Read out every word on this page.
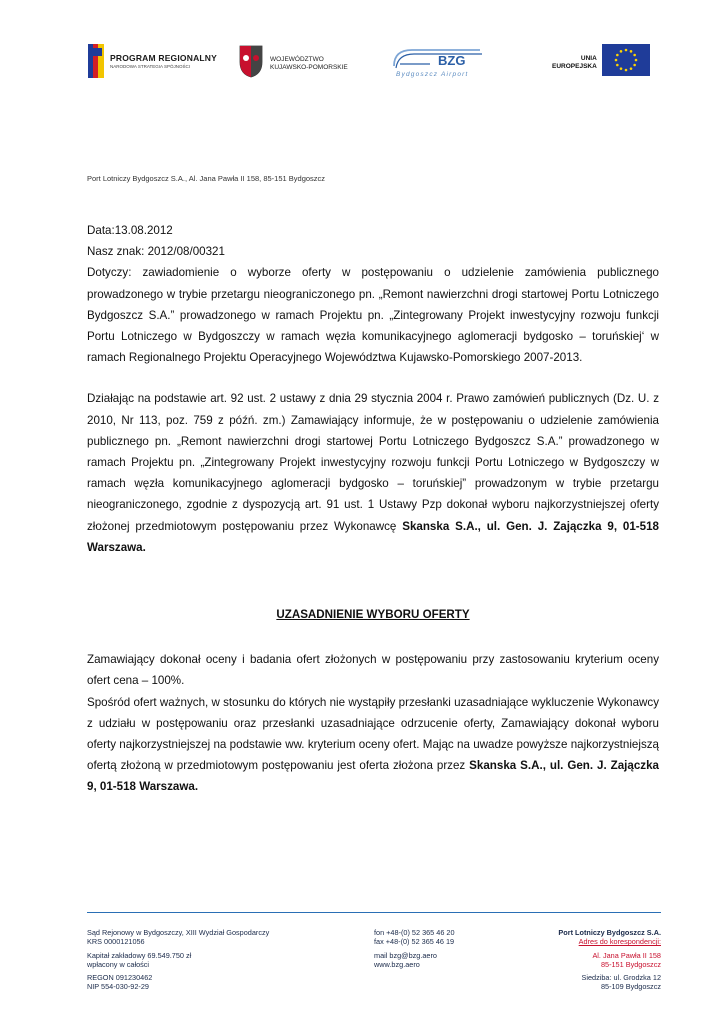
PROGRAM REGIONALNY
NARODOWA STRATEGIA SPÓJNOŚCI
WOJEWÓDZTWO
KUJAWSKO-POMORSKIE	BZG
Bydgoszcz Airport
UNIA
EUROPEJSKA
Port Lotniczy Bydgoszcz S.A., Al. Jana Pawła II 158, 85-151 Bydgoszcz

Data:13.08.2012

Nasz znak: 2012/08/00321

Dotyczy: zawiadomienie o wyborze oferty w postępowaniu o udzielenie zamówienia publicznego prowadzonego w trybie przetargu nieograniczonego pn. „Remont nawierzchni drogi startowej Portu Lotniczego Bydgoszcz S.A.” prowadzonego w ramach Projektu pn. „Zintegrowany Projekt inwestycyjny rozwoju funkcji Portu Lotniczego w Bydgoszczy w ramach węzła komunikacyjnego aglomeracji bydgosko – toruńskiej‘ w ramach Regionalnego Projektu Operacyjnego Województwa Kujawsko-Pomorskiego 2007-2013.

Działając na podstawie art. 92 ust. 2 ustawy z dnia 29 stycznia 2004 r. Prawo zamówień publicznych (Dz. U. z 2010, Nr 113, poz. 759 z późń. zm.) Zamawiający informuje, że w postępowaniu o udzielenie zamówienia publicznego pn. „Remont nawierzchni drogi startowej Portu Lotniczego Bydgoszcz S.A.” prowadzonego w ramach Projektu pn. „Zintegrowany Projekt inwestycyjny rozwoju funkcji Portu Lotniczego w Bydgoszczy w ramach węzła komunikacyjnego aglomeracji bydgosko – toruńskiej” prowadzonym w trybie przetargu nieograniczonego, zgodnie z dyspozycją art. 91 ust. 1 Ustawy Pzp dokonał wyboru najkorzystniejszej oferty złożonej przedmiotowym postępowaniu przez Wykonawcę Skanska S.A., ul. Gen. J. Zajączka 9, 01-518 Warszawa.

UZASADNIENIE WYBORU OFERTY

Zamawiający dokonał oceny i badania ofert złożonych w postępowaniu przy zastosowaniu kryterium oceny ofert cena – 100%.

Spośród ofert ważnych, w stosunku do których nie wystąpiły przesłanki uzasadniające wykluczenie Wykonawcy z udziału w postępowaniu oraz przesłanki uzasadniające odrzucenie oferty, Zamawiający dokonał wyboru oferty najkorzystniejszej na podstawie ww. kryterium oceny ofert. Mając na uwadze powyższe najkorzystniejszą ofertą złożoną w przedmiotowym postępowaniu jest oferta złożona przez Skanska S.A., ul. Gen. J. Zajączka 9, 01-518 Warszawa.

Sąd Rejonowy w Bydgoszczy, XIII Wydział Gospodarczy
KRS 0000121056
Kapitał zakładowy 69.549.750 zł
wpłacony w całości
REGON 091230462
NIP 554-030-92-29
fon +48-(0) 52 365 46 20
fax +48-(0) 52 365 46 19
mail bzg@bzg.aero
www.bzg.aero
Port Lotniczy Bydgoszcz S.A.
Adres do korespondencji:
Al. Jana Pawła II 158
85-151 Bydgoszcz
Siedziba: ul. Grodzka 12
85-109 Bydgoszcz
